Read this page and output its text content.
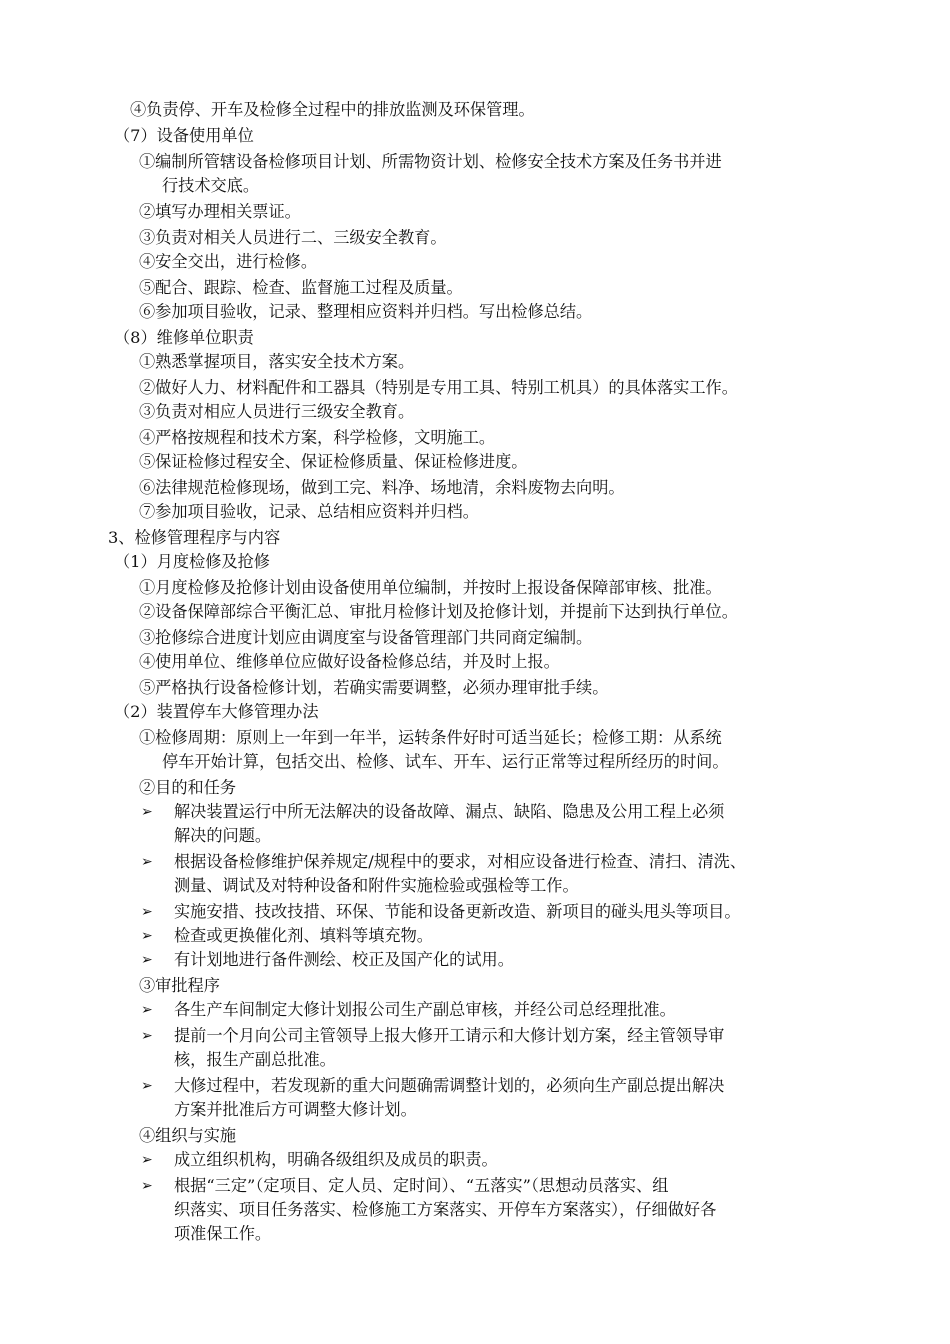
④负责停、开车及检修全过程中的排放监测及环保管理。
（7）设备使用单位
①编制所管辖设备检修项目计划、所需物资计划、检修安全技术方案及任务书并进
行技术交底。
②填写办理相关票证。
③负责对相关人员进行二、三级安全教育。
④安全交出，进行检修。
⑤配合、跟踪、检查、监督施工过程及质量。
⑥参加项目验收，记录、整理相应资料并归档。写出检修总结。
（8）维修单位职责
①熟悉掌握项目，落实安全技术方案。
②做好人力、材料配件和工器具（特别是专用工具、特别工机具）的具体落实工作。
③负责对相应人员进行三级安全教育。
④严格按规程和技术方案，科学检修，文明施工。
⑤保证检修过程安全、保证检修质量、保证检修进度。
⑥法律规范检修现场，做到工完、料净、场地清，余料废物去向明。
⑦参加项目验收，记录、总结相应资料并归档。
3、检修管理程序与内容
（1）月度检修及抢修
①月度检修及抢修计划由设备使用单位编制，并按时上报设备保障部审核、批准。
②设备保障部综合平衡汇总、审批月检修计划及抢修计划，并提前下达到执行单位。
③抢修综合进度计划应由调度室与设备管理部门共同商定编制。
④使用单位、维修单位应做好设备检修总结，并及时上报。
⑤严格执行设备检修计划，若确实需要调整，必须办理审批手续。
（2）装置停车大修管理办法
①检修周期：原则上一年到一年半，运转条件好时可适当延长；检修工期：从系统
停车开始计算，包括交出、检修、试车、开车、运行正常等过程所经历的时间。
②目的和任务
➢ 解决装置运行中所无法解决的设备故障、漏点、缺陷、隐患及公用工程上必须
解决的问题。
➢ 根据设备检修维护保养规定/规程中的要求，对相应设备进行检查、清扫、清洗、
测量、调试及对特种设备和附件实施检验或强检等工作。
➢ 实施安措、技改技措、环保、节能和设备更新改造、新项目的碰头甩头等项目。
➢ 检查或更换催化剂、填料等填充物。
➢ 有计划地进行备件测绘、校正及国产化的试用。
③审批程序
➢ 各生产车间制定大修计划报公司生产副总审核，并经公司总经理批准。
➢ 提前一个月向公司主管领导上报大修开工请示和大修计划方案，经主管领导审
核，报生产副总批准。
➢ 大修过程中，若发现新的重大问题确需调整计划的，必须向生产副总提出解决
方案并批准后方可调整大修计划。
④组织与实施
➢ 成立组织机构，明确各级组织及成员的职责。
➢ 根据“三定”（定项目、定人员、定时间）、“五落实”（思想动员落实、组
织落实、项目任务落实、检修施工方案落实、开停车方案落实），仔细做好各
项准保工作。
